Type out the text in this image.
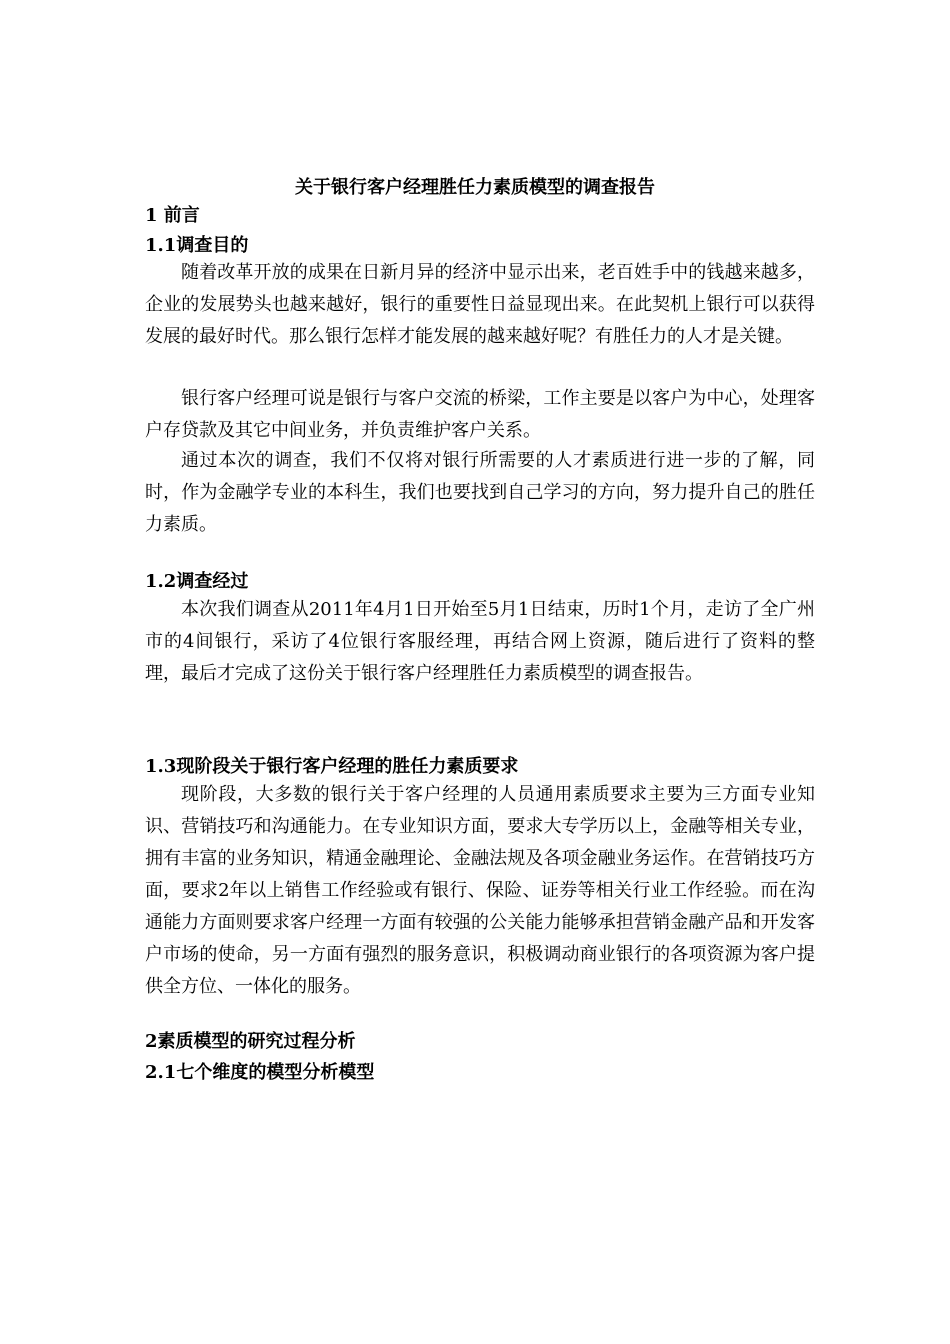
关于银行客户经理胜任力素质模型的调查报告
1 前言
1.1调查目的

随着改革开放的成果在日新月异的经济中显示出来，老百姓手中的钱越来越多，企业的发展势头也越来越好，银行的重要性日益显现出来。在此契机上银行可以获得发展的最好时代。那么银行怎样才能发展的越来越好呢？有胜任力的人才是关键。

银行客户经理可说是银行与客户交流的桥梁，工作主要是以客户为中心，处理客户存贷款及其它中间业务，并负责维护客户关系。

通过本次的调查，我们不仅将对银行所需要的人才素质进行进一步的了解，同时，作为金融学专业的本科生，我们也要找到自己学习的方向，努力提升自己的胜任力素质。

1.2调查经过

本次我们调查从2011年4月1日开始至5月1日结束，历时1个月，走访了全广州市的4间银行，采访了4位银行客服经理，再结合网上资源，随后进行了资料的整理，最后才完成了这份关于银行客户经理胜任力素质模型的调查报告。

1.3现阶段关于银行客户经理的胜任力素质要求

现阶段，大多数的银行关于客户经理的人员通用素质要求主要为三方面专业知识、营销技巧和沟通能力。在专业知识方面，要求大专学历以上，金融等相关专业，拥有丰富的业务知识，精通金融理论、金融法规及各项金融业务运作。在营销技巧方面，要求2年以上销售工作经验或有银行、保险、证券等相关行业工作经验。而在沟通能力方面则要求客户经理一方面有较强的公关能力能够承担营销金融产品和开发客户市场的使命，另一方面有强烈的服务意识，积极调动商业银行的各项资源为客户提供全方位、一体化的服务。

2素质模型的研究过程分析
2.1七个维度的模型分析模型
